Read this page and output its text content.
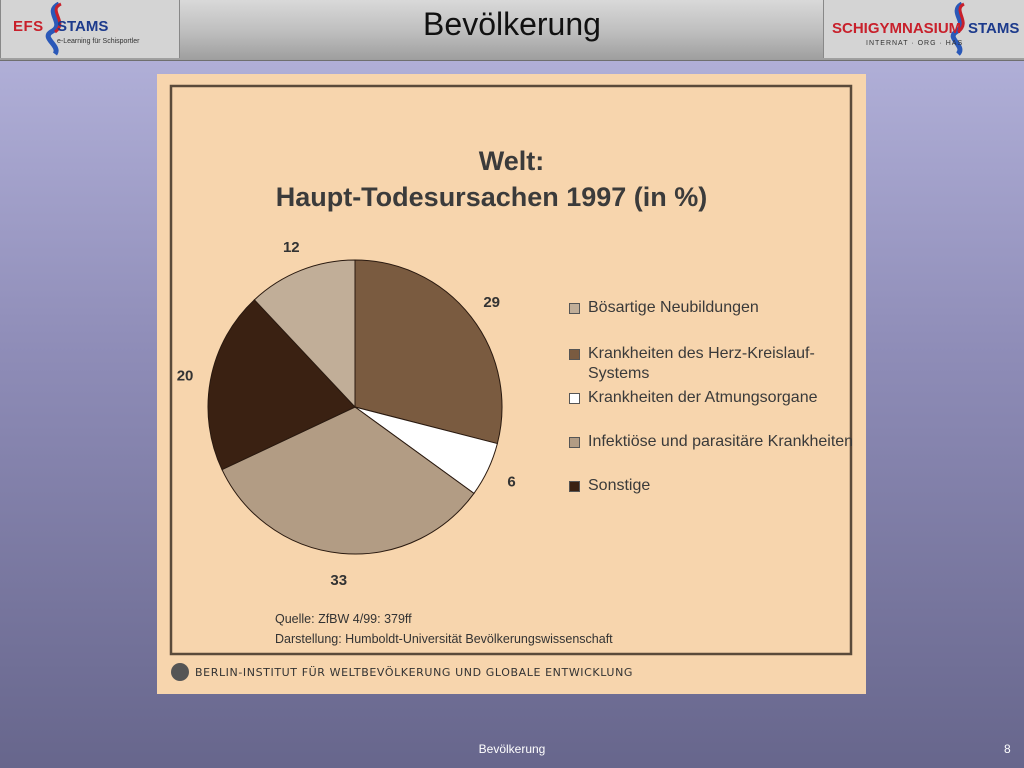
EFS STAMS
e-Learning für Schisportler	Bevölkerung	SCHIGYMNASIUM STAMS
INTERNAT · ORG · HAS
Welt:
Haupt-Todesursachen 1997 (in %)
29
6
33
20
12
Bösartige Neubildungen
Krankheiten des Herz-Kreislauf-Systems
Krankheiten der Atmungsorgane
Infektiöse und parasitäre Krankheiten
Sonstige
Quelle: ZfBW 4/99: 379ff
Darstellung: Humboldt-Universität Bevölkerungswissenschaft
BERLIN-INSTITUT FÜR WELTBEVÖLKERUNG UND GLOBALE ENTWICKLUNG
Bevölkerung	8
